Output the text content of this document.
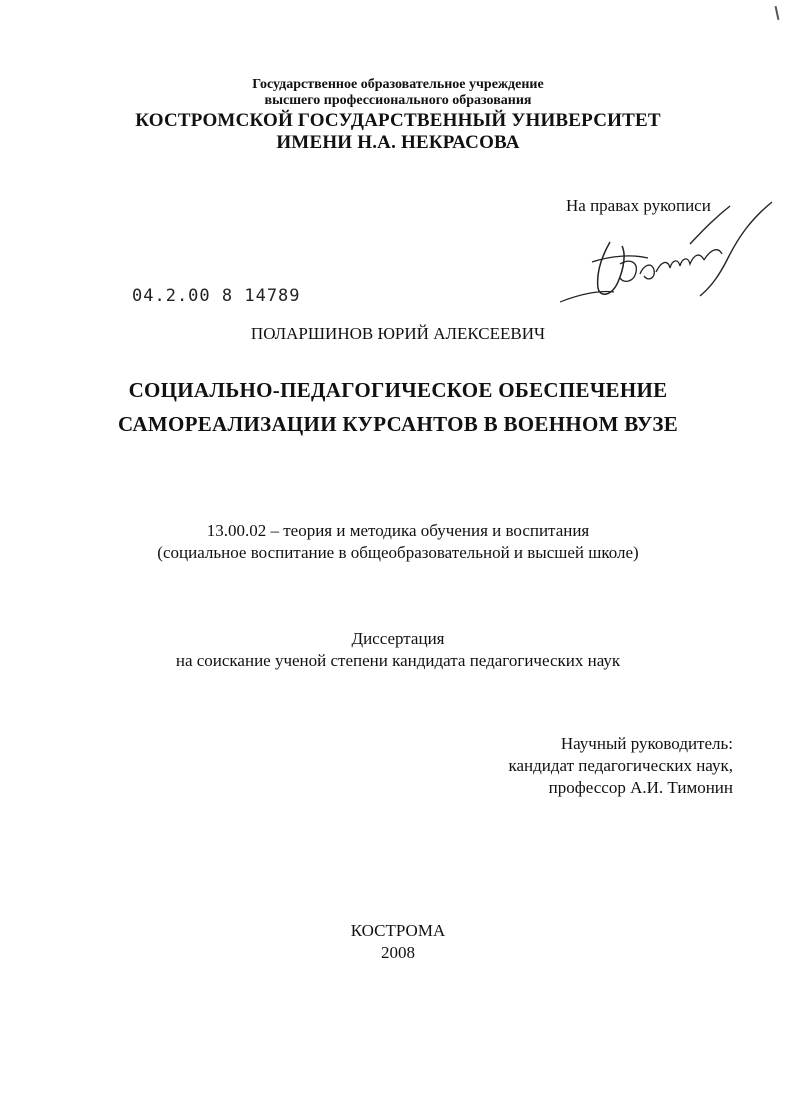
Государственное образовательное учреждение
высшего профессионального образования
КОСТРОМСКОЙ ГОСУДАРСТВЕННЫЙ УНИВЕРСИТЕТ
ИМЕНИ Н.А. НЕКРАСОВА
На правах рукописи
04.2.00 8 14789
ПОЛАРШИНОВ ЮРИЙ АЛЕКСЕЕВИЧ
СОЦИАЛЬНО-ПЕДАГОГИЧЕСКОЕ ОБЕСПЕЧЕНИЕ
САМОРЕАЛИЗАЦИИ КУРСАНТОВ В ВОЕННОМ ВУЗЕ
13.00.02 – теория и методика обучения и воспитания
(социальное воспитание в общеобразовательной и высшей школе)
Диссертация
на соискание ученой степени кандидата педагогических наук
Научный руководитель:
кандидат педагогических наук,
профессор А.И. Тимонин
КОСТРОМА
2008
